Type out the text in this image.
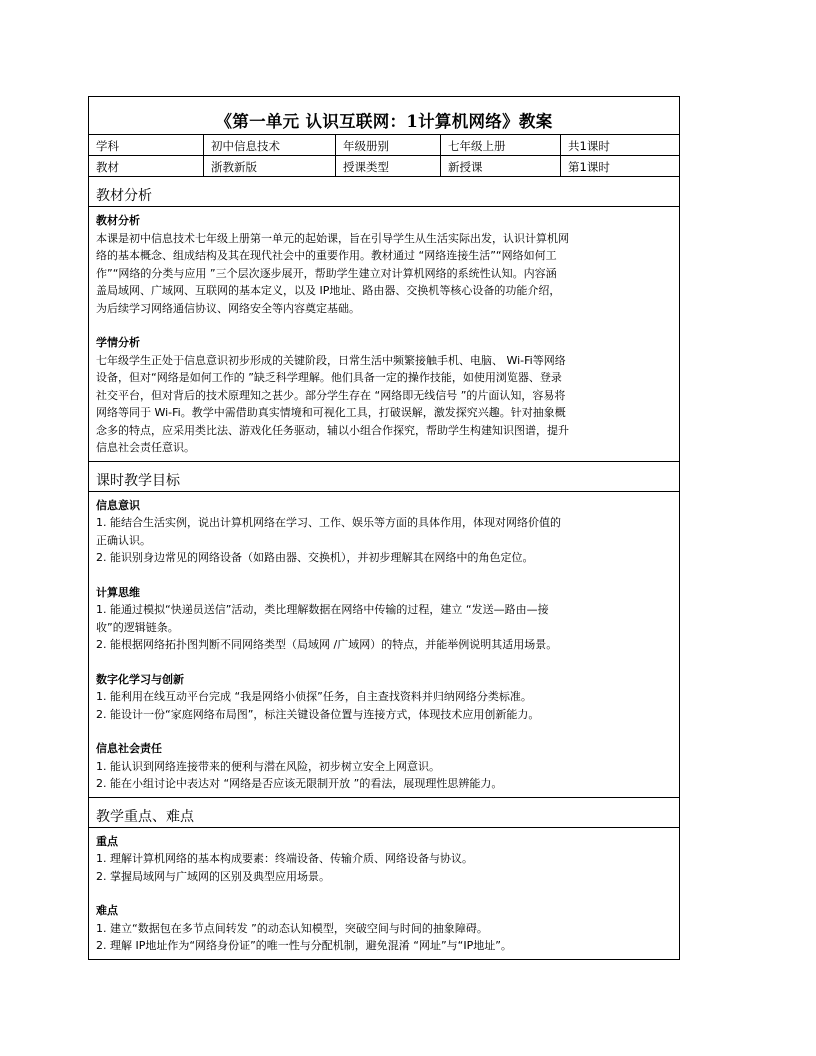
《第一单元 认识互联网：1计算机网络》教案
学科	初中信息技术	年级册别	七年级上册	共1课时
教材	浙教新版	授课类型	新授课	第1课时
教材分析

教材分析

本课是初中信息技术七年级上册第一单元的起始课，旨在引导学生从生活实际出发，认识计算机网

络的基本概念、组成结构及其在现代社会中的重要作用。教材通过 “网络连接生活”“网络如何工

作”“网络的分类与应用 ”三个层次逐步展开，帮助学生建立对计算机网络的系统性认知。内容涵

盖局域网、广域网、互联网的基本定义，以及 IP地址、路由器、交换机等核心设备的功能介绍，

为后续学习网络通信协议、网络安全等内容奠定基础。

学情分析

七年级学生正处于信息意识初步形成的关键阶段，日常生活中频繁接触手机、电脑、 Wi-Fi等网络

设备，但对“网络是如何工作的 ”缺乏科学理解。他们具备一定的操作技能，如使用浏览器、登录

社交平台，但对背后的技术原理知之甚少。部分学生存在 “网络即无线信号 ”的片面认知，容易将

网络等同于 Wi-Fi。教学中需借助真实情境和可视化工具，打破误解，激发探究兴趣。针对抽象概

念多的特点，应采用类比法、游戏化任务驱动，辅以小组合作探究，帮助学生构建知识图谱，提升

信息社会责任意识。

课时教学目标

信息意识

1. 能结合生活实例，说出计算机网络在学习、工作、娱乐等方面的具体作用，体现对网络价值的

正确认识。

2. 能识别身边常见的网络设备（如路由器、交换机），并初步理解其在网络中的角色定位。

计算思维

1. 能通过模拟“快递员送信”活动，类比理解数据在网络中传输的过程，建立 “发送—路由—接

收”的逻辑链条。

2. 能根据网络拓扑图判断不同网络类型（局域网 /广域网）的特点，并能举例说明其适用场景。

数字化学习与创新

1. 能利用在线互动平台完成 “我是网络小侦探”任务，自主查找资料并归纳网络分类标准。

2. 能设计一份“家庭网络布局图”，标注关键设备位置与连接方式，体现技术应用创新能力。

信息社会责任

1. 能认识到网络连接带来的便利与潜在风险，初步树立安全上网意识。

2. 能在小组讨论中表达对 “网络是否应该无限制开放 ”的看法，展现理性思辨能力。

教学重点、难点

重点

1. 理解计算机网络的基本构成要素：终端设备、传输介质、网络设备与协议。

2. 掌握局域网与广域网的区别及典型应用场景。

难点

1. 建立“数据包在多节点间转发 ”的动态认知模型，突破空间与时间的抽象障碍。

2. 理解 IP地址作为“网络身份证”的唯一性与分配机制，避免混淆 “网址”与“IP地址”。
